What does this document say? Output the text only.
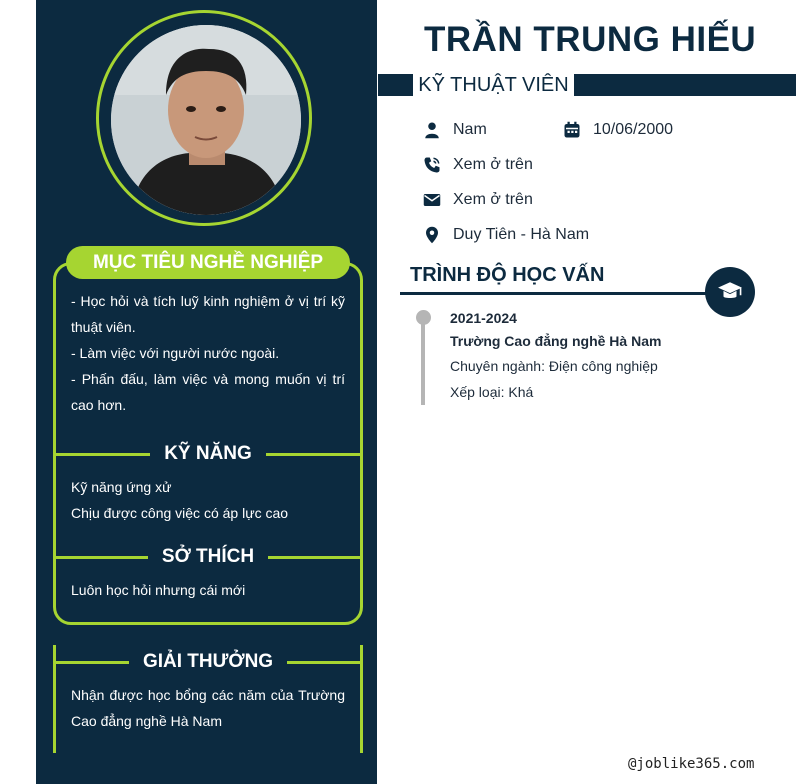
MỤC TIÊU NGHỀ NGHIỆP
- Học hỏi và tích luỹ kinh nghiệm ở vị trí kỹ thuật viên.
- Làm việc với người nước ngoài.
- Phấn đấu, làm việc và mong muốn vị trí cao hơn.
KỸ NĂNG
Kỹ năng ứng xử
Chịu được công việc có áp lực cao
SỞ THÍCH
Luôn học hỏi nhưng cái mới
GIẢI THƯỞNG
Nhận được học bổng các năm của Trường Cao đẳng nghề Hà Nam
TRẦN TRUNG HIẾU
KỸ THUẬT VIÊN
Nam	10/06/2000
Xem ở trên
Xem ở trên
Duy Tiên - Hà Nam
TRÌNH ĐỘ HỌC VẤN
2021-2024
Trường Cao đẳng nghề Hà Nam
Chuyên ngành: Điện công nghiệp
Xếp loại: Khá
@joblike365.com
